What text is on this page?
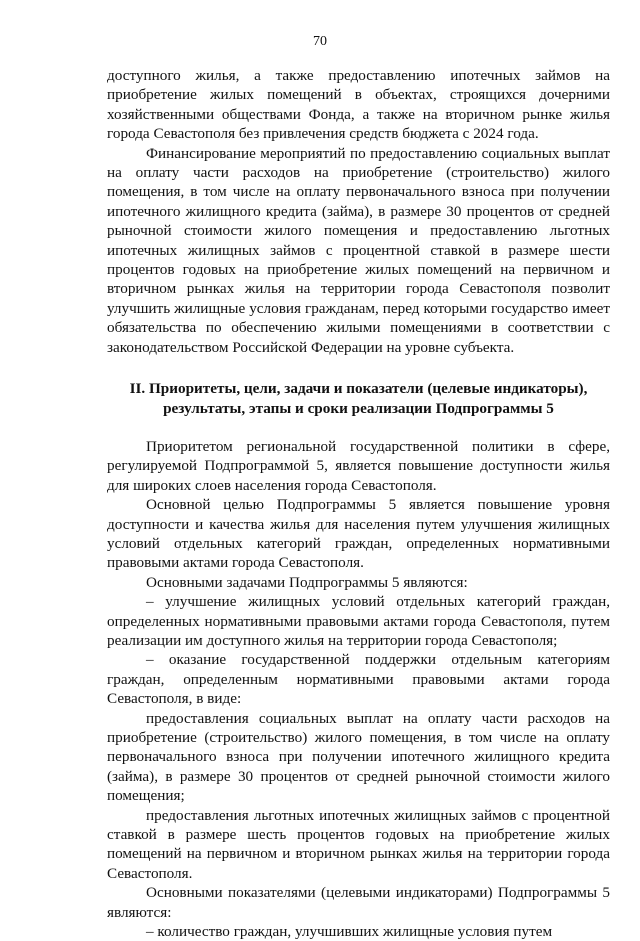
70

доступного жилья, а также предоставлению ипотечных займов на приобретение жилых помещений в объектах, строящихся дочерними хозяйственными обществами Фонда, а также на вторичном рынке жилья города Севастополя без привлечения средств бюджета с 2024 года.

Финансирование мероприятий по предоставлению социальных выплат на оплату части расходов на приобретение (строительство) жилого помещения, в том числе на оплату первоначального взноса при получении ипотечного жилищного кредита (займа), в размере 30 процентов от средней рыночной стоимости жилого помещения и предоставлению льготных ипотечных жилищных займов с процентной ставкой в размере шести процентов годовых на приобретение жилых помещений на первичном и вторичном рынках жилья на территории города Севастополя позволит улучшить жилищные условия гражданам, перед которыми государство имеет обязательства по обеспечению жилыми помещениями в соответствии с законодательством Российской Федерации на уровне субъекта.

II. Приоритеты, цели, задачи и показатели (целевые индикаторы), результаты, этапы и сроки реализации Подпрограммы 5

Приоритетом региональной государственной политики в сфере, регулируемой Подпрограммой 5, является повышение доступности жилья для широких слоев населения города Севастополя.

Основной целью Подпрограммы 5 является повышение уровня доступности и качества жилья для населения путем улучшения жилищных условий отдельных категорий граждан, определенных нормативными правовыми актами города Севастополя.

Основными задачами Подпрограммы 5 являются:

– улучшение жилищных условий отдельных категорий граждан, определенных нормативными правовыми актами города Севастополя, путем реализации им доступного жилья на территории города Севастополя;

– оказание государственной поддержки отдельным категориям граждан, определенным нормативными правовыми актами города Севастополя, в виде:

предоставления социальных выплат на оплату части расходов на приобретение (строительство) жилого помещения, в том числе на оплату первоначального взноса при получении ипотечного жилищного кредита (займа), в размере 30 процентов от средней рыночной стоимости жилого помещения;

предоставления льготных ипотечных жилищных займов с процентной ставкой в размере шесть процентов годовых на приобретение жилых помещений на первичном и вторичном рынках жилья на территории города Севастополя.

Основными показателями (целевыми индикаторами) Подпрограммы 5 являются:

– количество граждан, улучшивших жилищные условия путем
